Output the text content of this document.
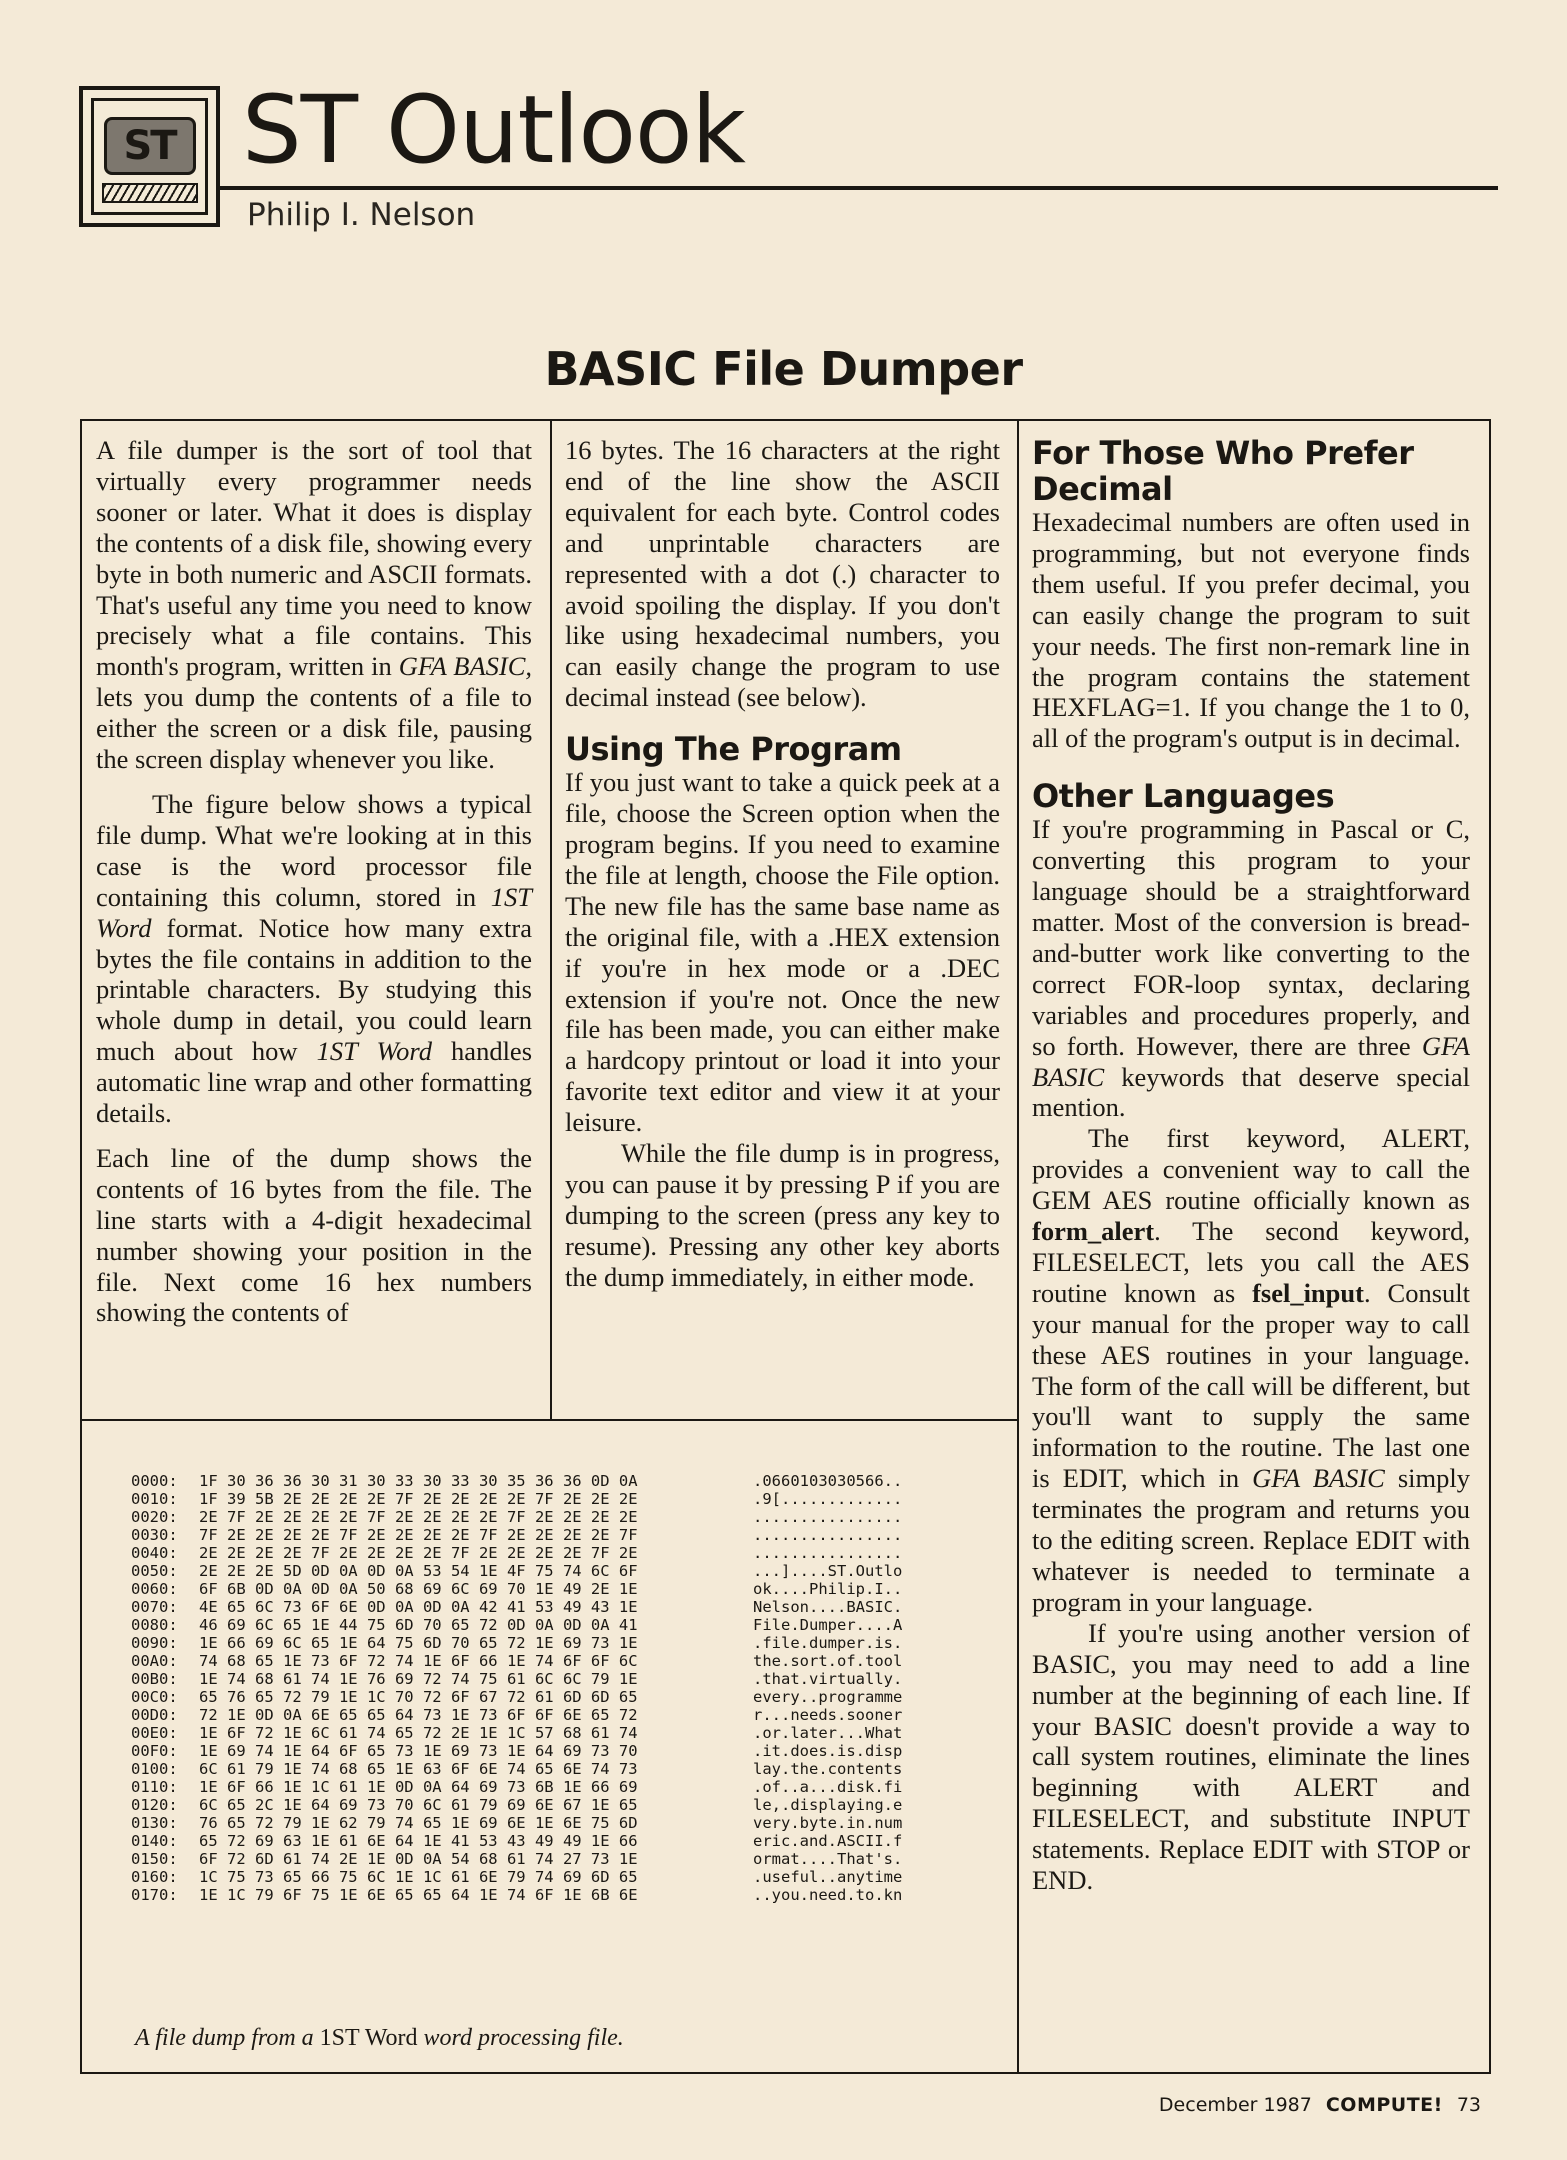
ST ST Outlook
Philip I. Nelson
BASIC File Dumper

A file dumper is the sort of tool that virtually every programmer needs sooner or later. What it does is display the contents of a disk file, showing every byte in both numeric and ASCII formats. That's useful any time you need to know precisely what a file contains. This month's program, written in GFA BASIC, lets you dump the contents of a file to either the screen or a disk file, pausing the screen display whenever you like.

The figure below shows a typical file dump. What we're looking at in this case is the word processor file containing this column, stored in 1ST Word format. Notice how many extra bytes the file contains in addition to the printable characters. By studying this whole dump in detail, you could learn much about how 1ST Word handles automatic line wrap and other formatting details.

Each line of the dump shows the contents of 16 bytes from the file. The line starts with a 4-digit hexadecimal number showing your position in the file. Next come 16 hex numbers showing the contents of

16 bytes. The 16 characters at the right end of the line show the ASCII equivalent for each byte. Control codes and unprintable characters are represented with a dot (.) character to avoid spoiling the display. If you don't like using hexadecimal numbers, you can easily change the program to use decimal instead (see below).

Using The Program

If you just want to take a quick peek at a file, choose the Screen option when the program begins. If you need to examine the file at length, choose the File option. The new file has the same base name as the original file, with a .HEX extension if you're in hex mode or a .DEC extension if you're not. Once the new file has been made, you can either make a hardcopy printout or load it into your favorite text editor and view it at your leisure.

While the file dump is in progress, you can pause it by pressing P if you are dumping to the screen (press any key to resume). Pressing any other key aborts the dump immediately, in either mode.

For Those Who Prefer Decimal

Hexadecimal numbers are often used in programming, but not everyone finds them useful. If you prefer decimal, you can easily change the program to suit your needs. The first non-remark line in the program contains the statement HEXFLAG=1. If you change the 1 to 0, all of the program's output is in decimal.

Other Languages

If you're programming in Pascal or C, converting this program to your language should be a straightforward matter. Most of the conversion is bread-and-butter work like converting to the correct FOR-loop syntax, declaring variables and procedures properly, and so forth. However, there are three GFA BASIC keywords that deserve special mention.

The first keyword, ALERT, provides a convenient way to call the GEM AES routine officially known as form_alert. The second keyword, FILESELECT, lets you call the AES routine known as fsel_input. Consult your manual for the proper way to call these AES routines in your language. The form of the call will be different, but you'll want to supply the same information to the routine. The last one is EDIT, which in GFA BASIC simply terminates the program and returns you to the editing screen. Replace EDIT with whatever is needed to terminate a program in your language.

If you're using another version of BASIC, you may need to add a line number at the beginning of each line. If your BASIC doesn't provide a way to call system routines, eliminate the lines beginning with ALERT and FILESELECT, and substitute INPUT statements. Replace EDIT with STOP or END.

0000:	1F 30 36 36 30 31 30 33 30 33 30 35 36 36 0D 0A	.0660103030566..
0010:	1F 39 5B 2E 2E 2E 2E 7F 2E 2E 2E 2E 7F 2E 2E 2E	.9[.............
0020:	2E 7F 2E 2E 2E 2E 7F 2E 2E 2E 2E 7F 2E 2E 2E 2E	................
0030:	7F 2E 2E 2E 2E 7F 2E 2E 2E 2E 7F 2E 2E 2E 2E 7F	................
0040:	2E 2E 2E 2E 7F 2E 2E 2E 2E 7F 2E 2E 2E 2E 7F 2E	................
0050:	2E 2E 2E 5D 0D 0A 0D 0A 53 54 1E 4F 75 74 6C 6F	...]....ST.Outlo
0060:	6F 6B 0D 0A 0D 0A 50 68 69 6C 69 70 1E 49 2E 1E	ok....Philip.I..
0070:	4E 65 6C 73 6F 6E 0D 0A 0D 0A 42 41 53 49 43 1E	Nelson....BASIC.
0080:	46 69 6C 65 1E 44 75 6D 70 65 72 0D 0A 0D 0A 41	File.Dumper....A
0090:	1E 66 69 6C 65 1E 64 75 6D 70 65 72 1E 69 73 1E	.file.dumper.is.
00A0:	74 68 65 1E 73 6F 72 74 1E 6F 66 1E 74 6F 6F 6C	the.sort.of.tool
00B0:	1E 74 68 61 74 1E 76 69 72 74 75 61 6C 6C 79 1E	.that.virtually.
00C0:	65 76 65 72 79 1E 1C 70 72 6F 67 72 61 6D 6D 65	every..programme
00D0:	72 1E 0D 0A 6E 65 65 64 73 1E 73 6F 6F 6E 65 72	r...needs.sooner
00E0:	1E 6F 72 1E 6C 61 74 65 72 2E 1E 1C 57 68 61 74	.or.later...What
00F0:	1E 69 74 1E 64 6F 65 73 1E 69 73 1E 64 69 73 70	.it.does.is.disp
0100:	6C 61 79 1E 74 68 65 1E 63 6F 6E 74 65 6E 74 73	lay.the.contents
0110:	1E 6F 66 1E 1C 61 1E 0D 0A 64 69 73 6B 1E 66 69	.of..a...disk.fi
0120:	6C 65 2C 1E 64 69 73 70 6C 61 79 69 6E 67 1E 65	le,.displaying.e
0130:	76 65 72 79 1E 62 79 74 65 1E 69 6E 1E 6E 75 6D	very.byte.in.num
0140:	65 72 69 63 1E 61 6E 64 1E 41 53 43 49 49 1E 66	eric.and.ASCII.f
0150:	6F 72 6D 61 74 2E 1E 0D 0A 54 68 61 74 27 73 1E	ormat....That's.
0160:	1C 75 73 65 66 75 6C 1E 1C 61 6E 79 74 69 6D 65	.useful..anytime
0170:	1E 1C 79 6F 75 1E 6E 65 65 64 1E 74 6F 1E 6B 6E	..you.need.to.kn
A file dump from a 1ST Word word processing file.
December 1987 COMPUTE! 73
